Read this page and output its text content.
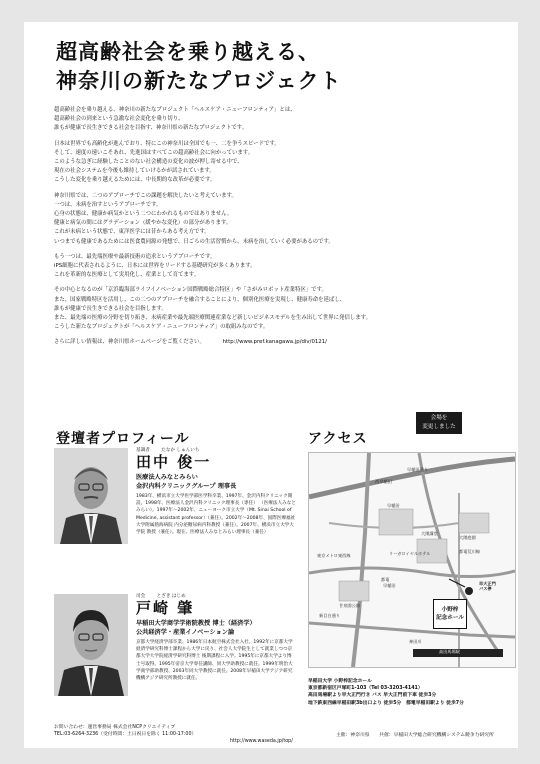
超高齢社会を乗り越える、
神奈川の新たなプロジェクト

超高齢社会を乗り越える、神奈川の新たなプロジェクト「ヘルスケア・ニューフロンティア」とは、
超高齢社会の到来という急激な社会変化を乗り切り、
誰もが健康で長生きできる社会を目指す、神奈川県の新たなプロジェクトです。

日本は世界でも高齢化が進んでおり、特にこの神奈川は全国でも一、二を争うスピードです。
そして、速度の速いこそあれ、先進国はすべてこの超高齢社会に向かっています。
このような急ぎに経験したことのない社会構造の変化の波が押し寄せる中で、
現在の社会システムを今後も維持していけるかが試されています。
こうした変化を乗り越えるためには、中長期的な改革が必要です。

神奈川県では、二つのアプローチでこの課題を解決したいと考えています。
一つは、未病を治すというアプローチです。
心身の状態は、健康か病気かという二つにわかれるものではありません。
健康と病気の間にはグラデーション（緩やかな変化）の部分があります。
これが未病という状態で、東洋医学には昔からある考え方です。
いつまでも健康であるためには医食農同源の発想で、日ごろの生活習慣から、未病を治していく必要があるのです。

もう一つは、最先端医療や最新技術の追求というアプローチです。
iPS細胞に代表されるように、日本には世界をリードする基礎研究が多くあります。
これを革新的な医療として実用化し、産業として育てます。

その中心となるのが「京浜臨海部ライフイノベーション国際戦略総合特区」や「さがみロボット産業特区」です。
また、国家戦略特区を活用し、この二つのアプローチを融合することにより、個別化医療を実現し、健康寿命を延ばし、
誰もが健康で長生きできる社会を目指します。
また、最先端の医療の分野を切り拓き、未病産業や最先端医療関連産業など新しいビジネスモデルを生み出して世界に発信します。
こうした新たなプロジェクトが「ヘルスケア・ニューフロンティア」の取組みなのです。

さらに詳しい情報は、神奈川県ホームページをご覧ください。	http://www.pref.kanagawa.jp/div/0121/

登壇者プロフィール	アクセス
会場を
変更しました
基調者 たなか しゅんいち
田中 俊一
医療法人みなとみらい
金沢内科クリニックグループ 理事長
1983年、横浜市立大学医学部医学科卒業、1997年、金沢内科クリニック開設。1998年、医療法人金沢内科クリニック理事長（専任） （医療法人みなとみらい）。1997年〜2002年、ニューヨーク市立大学（Mt. Sinai School of Medicine, assistant professor）（兼任）。2002年〜2008年、国際医療福祉大学附属熱海病院 内分泌糖尿病内科教授（兼任）。2007年、横浜市立大学大学院 教授（兼任）。現在、医療法人みなとみらい理事長（兼任）
司会 とざき はじめ
戸崎 肇
早稲田大学商学学術院教授 博士（経済学）
公共経済学・産業イノベーション論
京都大学経済学部卒業、1986年日本航空株式会社入社。1992年に京都大学経済学研究科博士課程から大学に戻り、社会人大学院生として就業しつつ京都大学大学院経済学研究科博士 後期課程に入学。1995年に京都大学より博士号取得。1995年帝京大学専任講師、同大学助教授に就任。1999年明治大学商学部助教授、2003年同大学教授に就任。2008年早稲田大学アジア研究機構アジア研究所教授に就任。
早稲田通り
西早稲田
早稲田
大隈講堂
大隈庭園
リーガロイヤルホテル
東京メトロ東西線
都電荒川線
甘泉園公園
新目白通り
都電
早稲田
神田川
高田馬場駅
早大正門
バス停
小野梓
記念ホール
早稲田大学 小野梓記念ホール
東京都新宿区戸塚町1-103（Tel 03-3203-4141）
高田馬場駅より早大正門行き バス 早大正門前下車 徒歩3分
地下鉄東西線早稲田駅3b出口より 徒歩5分　都電早稲田駅より 徒歩7分
お問い合わせ：運営事務局 株式会社NCPクリエイティブ
TEL:03-6264-3236（受付時間：土日祝日を除く 11:00-17:00）
http://www.waseda.jp/top/
主催：神奈川県　　共催：早稲田大学総合研究機構システム競争力研究所
